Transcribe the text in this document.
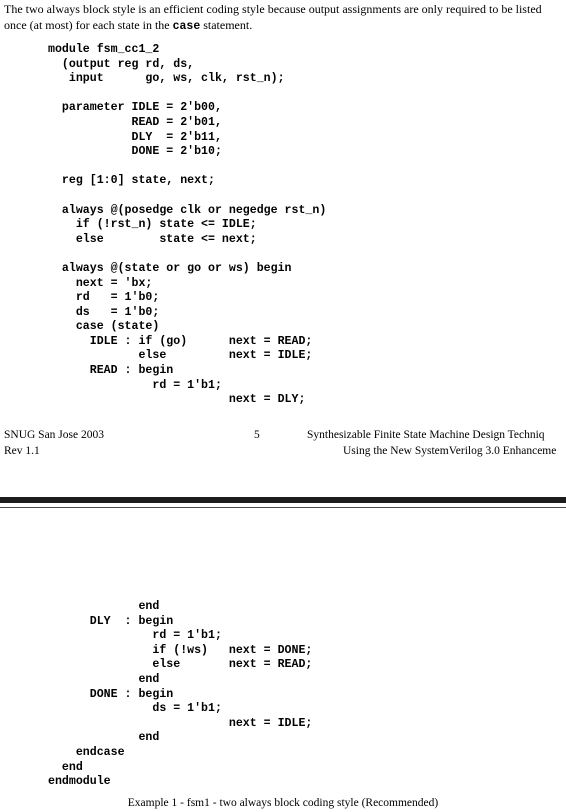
The two always block style is an efficient coding style because output assignments are only required to be listed
once (at most) for each state in the case statement.
module fsm_cc1_2
(output reg rd, ds,
input      go, ws, clk, rst_n);

parameter IDLE = 2'b00,
READ = 2'b01,
DLY  = 2'b11,
DONE = 2'b10;

reg [1:0] state, next;

always @(posedge clk or negedge rst_n)
if (!rst_n) state <= IDLE;
else        state <= next;

always @(state or go or ws) begin
next = 'bx;
rd   = 1'b0;
ds   = 1'b0;
case (state)
IDLE : if (go)      next = READ;
else         next = IDLE;
READ : begin
rd = 1'b1;
next = DLY;
SNUG San Jose 2003
Rev 1.1
5	Synthesizable Finite State Machine Design Techniq
Using the New SystemVerilog 3.0 Enhanceme
end
DLY  : begin
rd = 1'b1;
if (!ws)   next = DONE;
else       next = READ;
end
DONE : begin
ds = 1'b1;
next = IDLE;
end
endcase
end
endmodule
Example 1 - fsm1 - two always block coding style (Recommended)
